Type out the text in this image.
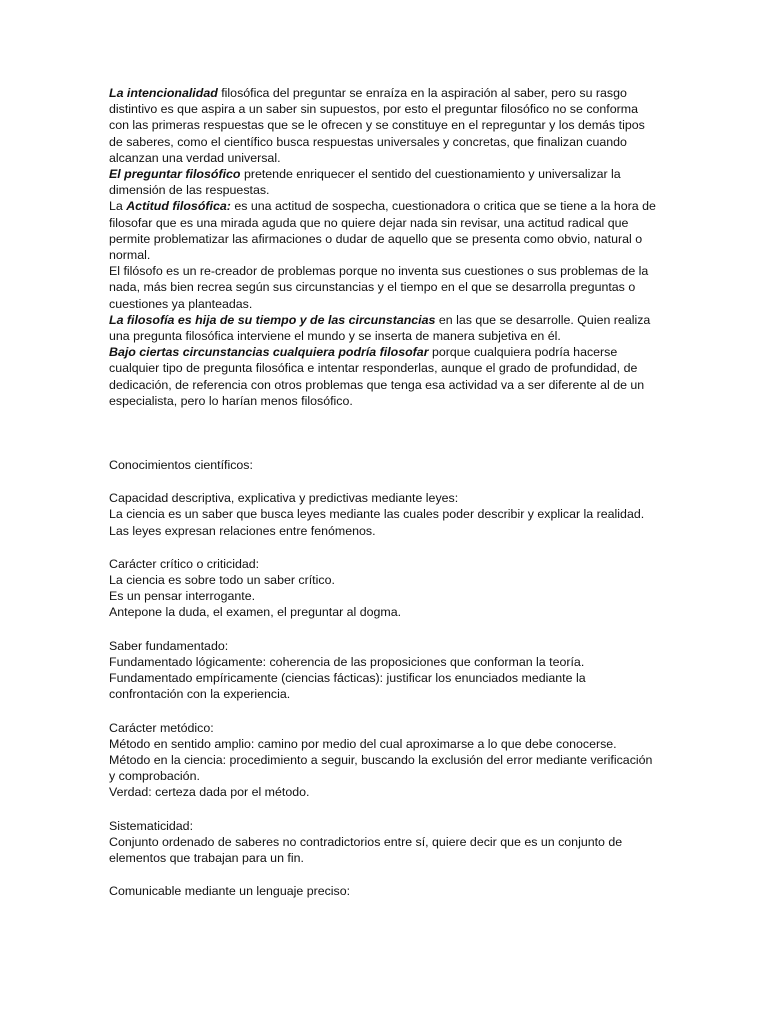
La intencionalidad filosófica del preguntar se enraíza en la aspiración al saber, pero su rasgo distintivo es que aspira a un saber sin supuestos, por esto el preguntar filosófico no se conforma con las primeras respuestas que se le ofrecen y se constituye en el repreguntar y los demás tipos de saberes, como el científico busca respuestas universales y concretas, que finalizan cuando alcanzan una verdad universal.

El preguntar filosófico pretende enriquecer el sentido del cuestionamiento y universalizar la dimensión de las respuestas.

La Actitud filosófica: es una actitud de sospecha, cuestionadora o critica que se tiene a la hora de filosofar que es una mirada aguda que no quiere dejar nada sin revisar, una actitud radical que permite problematizar las afirmaciones o dudar de aquello que se presenta como obvio, natural o normal.

El filósofo es un re-creador de problemas porque no inventa sus cuestiones o sus problemas de la nada, más bien recrea según sus circunstancias y el tiempo en el que se desarrolla preguntas o cuestiones ya planteadas.

La filosofía es hija de su tiempo y de las circunstancias en las que se desarrolle. Quien realiza una pregunta filosófica interviene el mundo y se inserta de manera subjetiva en él.

Bajo ciertas circunstancias cualquiera podría filosofar porque cualquiera podría hacerse cualquier tipo de pregunta filosófica e intentar responderlas, aunque el grado de profundidad, de dedicación, de referencia con otros problemas que tenga esa actividad va a ser diferente al de un especialista, pero lo harían menos filosófico.

Conocimientos científicos:

Capacidad descriptiva, explicativa y predictivas mediante leyes:

La ciencia es un saber que busca leyes mediante las cuales poder describir y explicar la realidad.

Las leyes expresan relaciones entre fenómenos.

Carácter crítico o criticidad:

La ciencia es sobre todo un saber crítico.

Es un pensar interrogante.

Antepone la duda, el examen, el preguntar al dogma.

Saber fundamentado:

Fundamentado lógicamente: coherencia de las proposiciones que conforman la teoría.

Fundamentado empíricamente (ciencias fácticas): justificar los enunciados mediante la confrontación con la experiencia.

Carácter metódico:

Método en sentido amplio: camino por medio del cual aproximarse a lo que debe conocerse.

Método en la ciencia: procedimiento a seguir, buscando la exclusión del error mediante verificación y comprobación.

Verdad: certeza dada por el método.

Sistematicidad:

Conjunto ordenado de saberes no contradictorios entre sí, quiere decir que es un conjunto de elementos que trabajan para un fin.

Comunicable mediante un lenguaje preciso:
